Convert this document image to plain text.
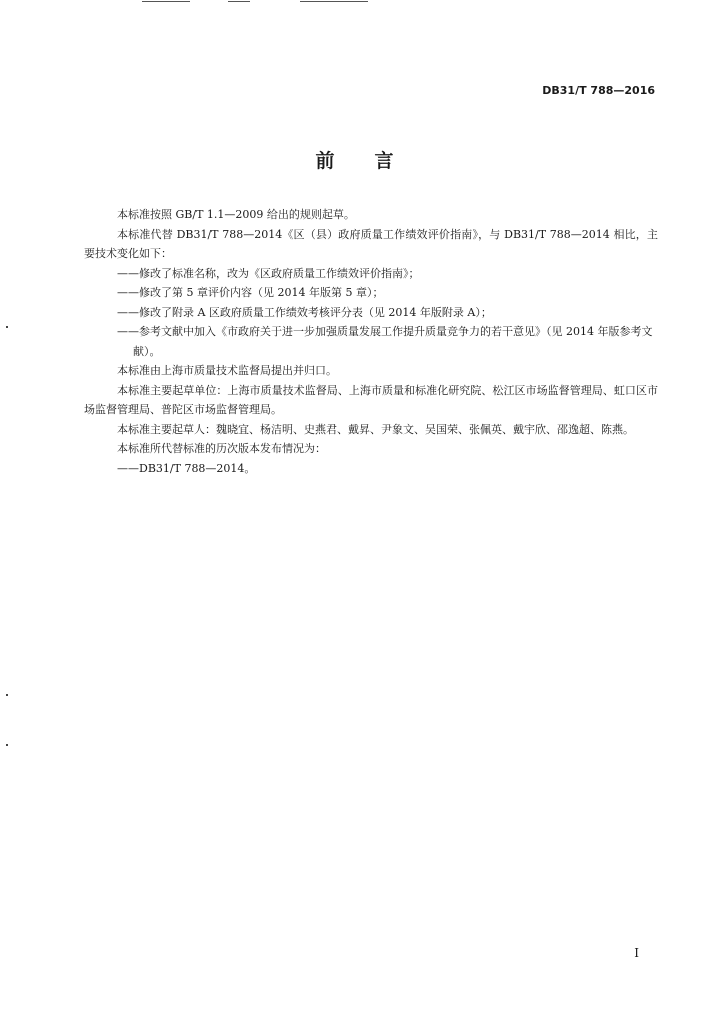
DB31/T 788—2016
前言

本标准按照 GB/T 1.1—2009 给出的规则起草。

本标准代替 DB31/T 788—2014《区（县）政府质量工作绩效评价指南》，与 DB31/T 788—2014 相比，主要技术变化如下：

——修改了标准名称，改为《区政府质量工作绩效评价指南》；

——修改了第 5 章评价内容（见 2014 年版第 5 章）；

——修改了附录 A 区政府质量工作绩效考核评分表（见 2014 年版附录 A）；

——参考文献中加入《市政府关于进一步加强质量发展工作提升质量竞争力的若干意见》（见 2014 年版参考文献）。

本标准由上海市质量技术监督局提出并归口。

本标准主要起草单位：上海市质量技术监督局、上海市质量和标准化研究院、松江区市场监督管理局、虹口区市场监督管理局、普陀区市场监督管理局。

本标准主要起草人：魏晓宜、杨洁明、史燕君、戴昇、尹象文、吴国荣、张佩英、戴宇欣、邵逸超、陈燕。

本标准所代替标准的历次版本发布情况为：

——DB31/T 788—2014。

I
